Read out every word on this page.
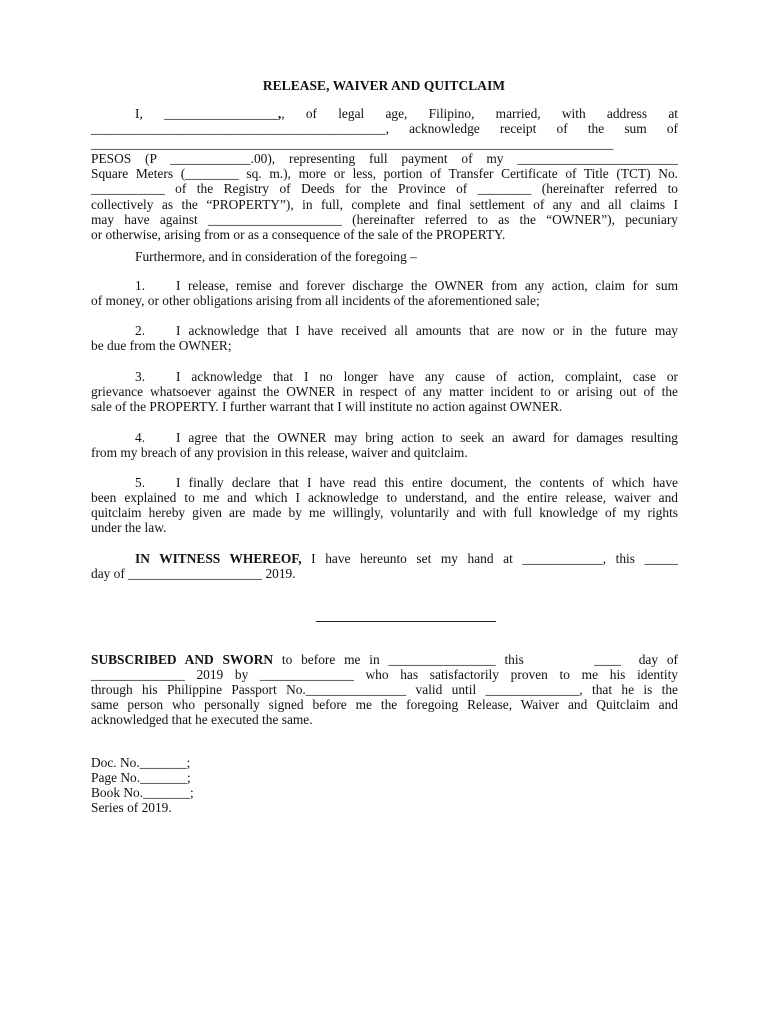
RELEASE, WAIVER AND QUITCLAIM
I, _________________,, of legal age, Filipino, married, with address at
____________________________________________, acknowledge receipt of the sum of
______________________________________________________________________________
PESOS (P ____________.00), representing full payment of my ________________________
Square Meters (________ sq. m.), more or less, portion of Transfer Certificate of Title (TCT) No.
___________ of the Registry of Deeds for the Province of ________ (hereinafter referred to
collectively as the “PROPERTY”), in full, complete and final settlement of any and all claims I
may have against ____________________ (hereinafter referred to as the “OWNER”), pecuniary
or otherwise, arising from or as a consequence of the sale of the PROPERTY.
Furthermore, and in consideration of the foregoing –
1. I release, remise and forever discharge the OWNER from any action, claim for sum
of money, or other obligations arising from all incidents of the aforementioned sale;
2. I acknowledge that I have received all amounts that are now or in the future may
be due from the OWNER;
3. I acknowledge that I no longer have any cause of action, complaint, case or
grievance whatsoever against the OWNER in respect of any matter incident to or arising out of the
sale of the PROPERTY. I further warrant that I will institute no action against OWNER.
4. I agree that the OWNER may bring action to seek an award for damages resulting
from my breach of any provision in this release, waiver and quitclaim.
5. I finally declare that I have read this entire document, the contents of which have
been explained to me and which I acknowledge to understand, and the entire release, waiver and
quitclaim hereby given are made by me willingly, voluntarily and with full knowledge of my rights
under the law.
IN WITNESS WHEREOF, I have hereunto set my hand at ____________, this _____
day of ____________________ 2019.
SUBSCRIBED AND SWORN to before me in ________________ this        ____  day of
______________ 2019 by ______________ who has satisfactorily proven to me his identity
through his Philippine Passport No._______________ valid until ______________, that he is the
same person who personally signed before me the foregoing Release, Waiver and Quitclaim and
acknowledged that he executed the same.
Doc. No._______;
Page No._______;
Book No._______;
Series of 2019.
